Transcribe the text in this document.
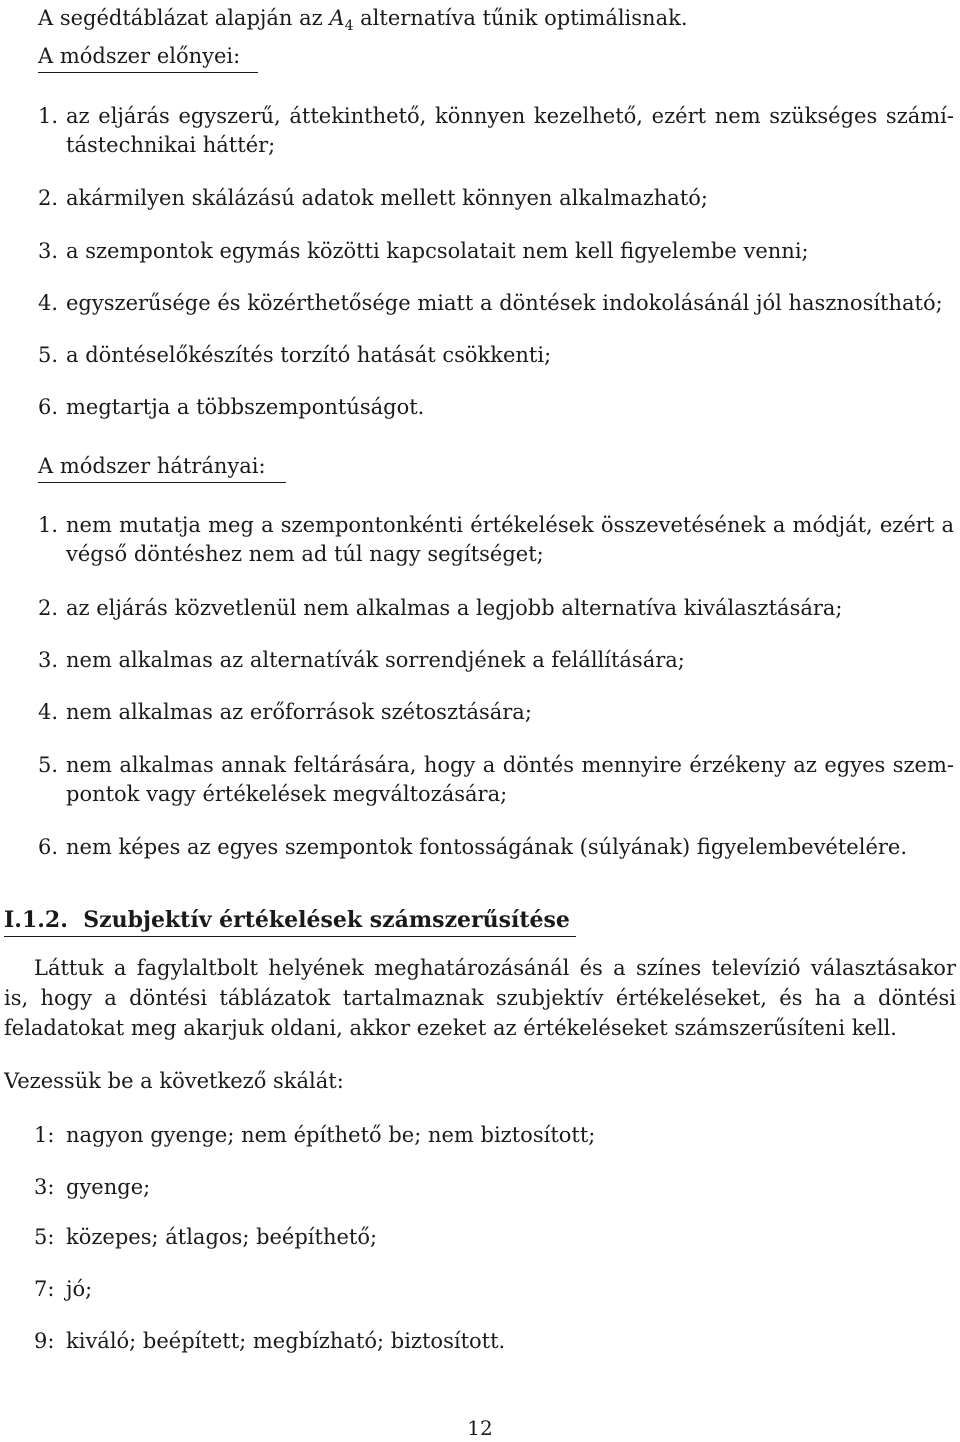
A segédtáblázat alapján az $A_4$ alternatíva tűnik optimálisnak.
A módszer előnyei:
1. az eljárás egyszerű, áttekinthető, könnyen kezelhető, ezért nem szükséges számí-
tástechnikai háttér;
2. akármilyen skálázású adatok mellett könnyen alkalmazható;
3. a szempontok egymás közötti kapcsolatait nem kell figyelembe venni;
4. egyszerűsége és közérthetősége miatt a döntések indokolásánál jól hasznosítható;
5. a döntéselőkészítés torzító hatását csökkenti;
6. megtartja a többszempontúságot.
A módszer hátrányai:
1. nem mutatja meg a szempontonkénti értékelések összevetésének a módját, ezért a
végső döntéshez nem ad túl nagy segítséget;
2. az eljárás közvetlenül nem alkalmas a legjobb alternatíva kiválasztására;
3. nem alkalmas az alternatívák sorrendjének a felállítására;
4. nem alkalmas az erőforrások szétosztására;
5. nem alkalmas annak feltárására, hogy a döntés mennyire érzékeny az egyes szem-
pontok vagy értékelések megváltozására;
6. nem képes az egyes szempontok fontosságának (súlyának) figyelembevételére.
I.1.2. Szubjektív értékelések számszerűsítése
Láttuk a fagylaltbolt helyének meghatározásánál és a színes televízió választásakor
is, hogy a döntési táblázatok tartalmaznak szubjektív értékeléseket, és ha a döntési
feladatokat meg akarjuk oldani, akkor ezeket az értékeléseket számszerűsíteni kell.
Vezessük be a következő skálát:
1: nagyon gyenge; nem építhető be; nem biztosított;
3: gyenge;
5: közepes; átlagos; beépíthető;
7: jó;
9: kiváló; beépített; megbízható; biztosított.
12
